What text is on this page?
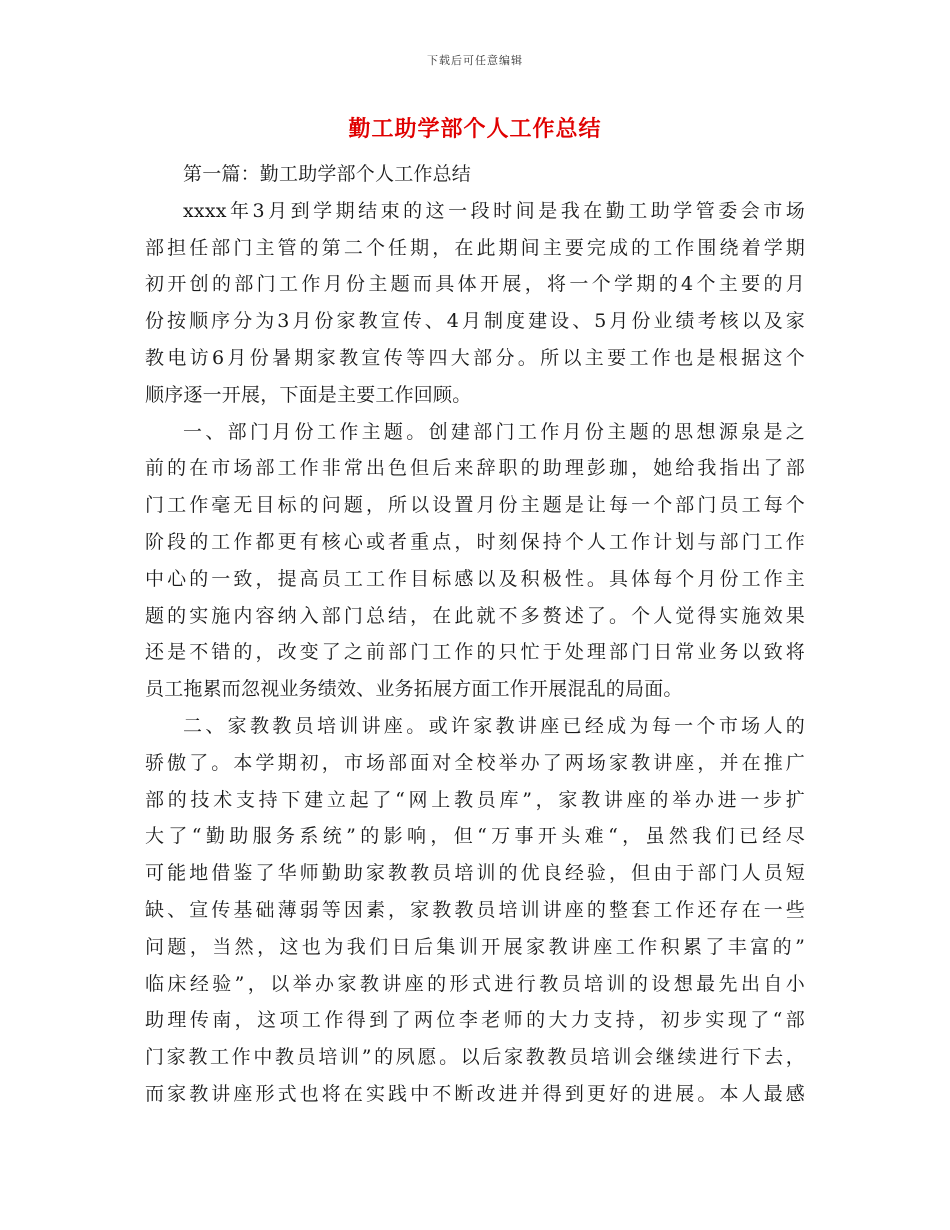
下载后可任意编辑
勤工助学部个人工作总结
第一篇：勤工助学部个人工作总结
xxxx年3月到学期结束的这一段时间是我在勤工助学管委会市场
部担任部门主管的第二个任期，在此期间主要完成的工作围绕着学期
初开创的部门工作月份主题而具体开展，将一个学期的4个主要的月
份按顺序分为3月份家教宣传、4月制度建设、5月份业绩考核以及家
教电访6月份暑期家教宣传等四大部分。所以主要工作也是根据这个
顺序逐一开展，下面是主要工作回顾。
一、部门月份工作主题。创建部门工作月份主题的思想源泉是之
前的在市场部工作非常出色但后来辞职的助理彭珈，她给我指出了部
门工作毫无目标的问题，所以设置月份主题是让每一个部门员工每个
阶段的工作都更有核心或者重点，时刻保持个人工作计划与部门工作
中心的一致，提高员工工作目标感以及积极性。具体每个月份工作主
题的实施内容纳入部门总结，在此就不多赘述了。个人觉得实施效果
还是不错的，改变了之前部门工作的只忙于处理部门日常业务以致将
员工拖累而忽视业务绩效、业务拓展方面工作开展混乱的局面。
二、家教教员培训讲座。或许家教讲座已经成为每一个市场人的
骄傲了。本学期初，市场部面对全校举办了两场家教讲座，并在推广
部的技术支持下建立起了“网上教员库”，家教讲座的举办进一步扩
大了“勤助服务系统”的影响，但“万事开头难“，虽然我们已经尽
可能地借鉴了华师勤助家教教员培训的优良经验，但由于部门人员短
缺、宣传基础薄弱等因素，家教教员培训讲座的整套工作还存在一些
问题，当然，这也为我们日后集训开展家教讲座工作积累了丰富的”
临床经验”，以举办家教讲座的形式进行教员培训的设想最先出自小
助理传南，这项工作得到了两位李老师的大力支持，初步实现了“部
门家教工作中教员培训”的夙愿。以后家教教员培训会继续进行下去，
而家教讲座形式也将在实践中不断改进并得到更好的进展。本人最感
